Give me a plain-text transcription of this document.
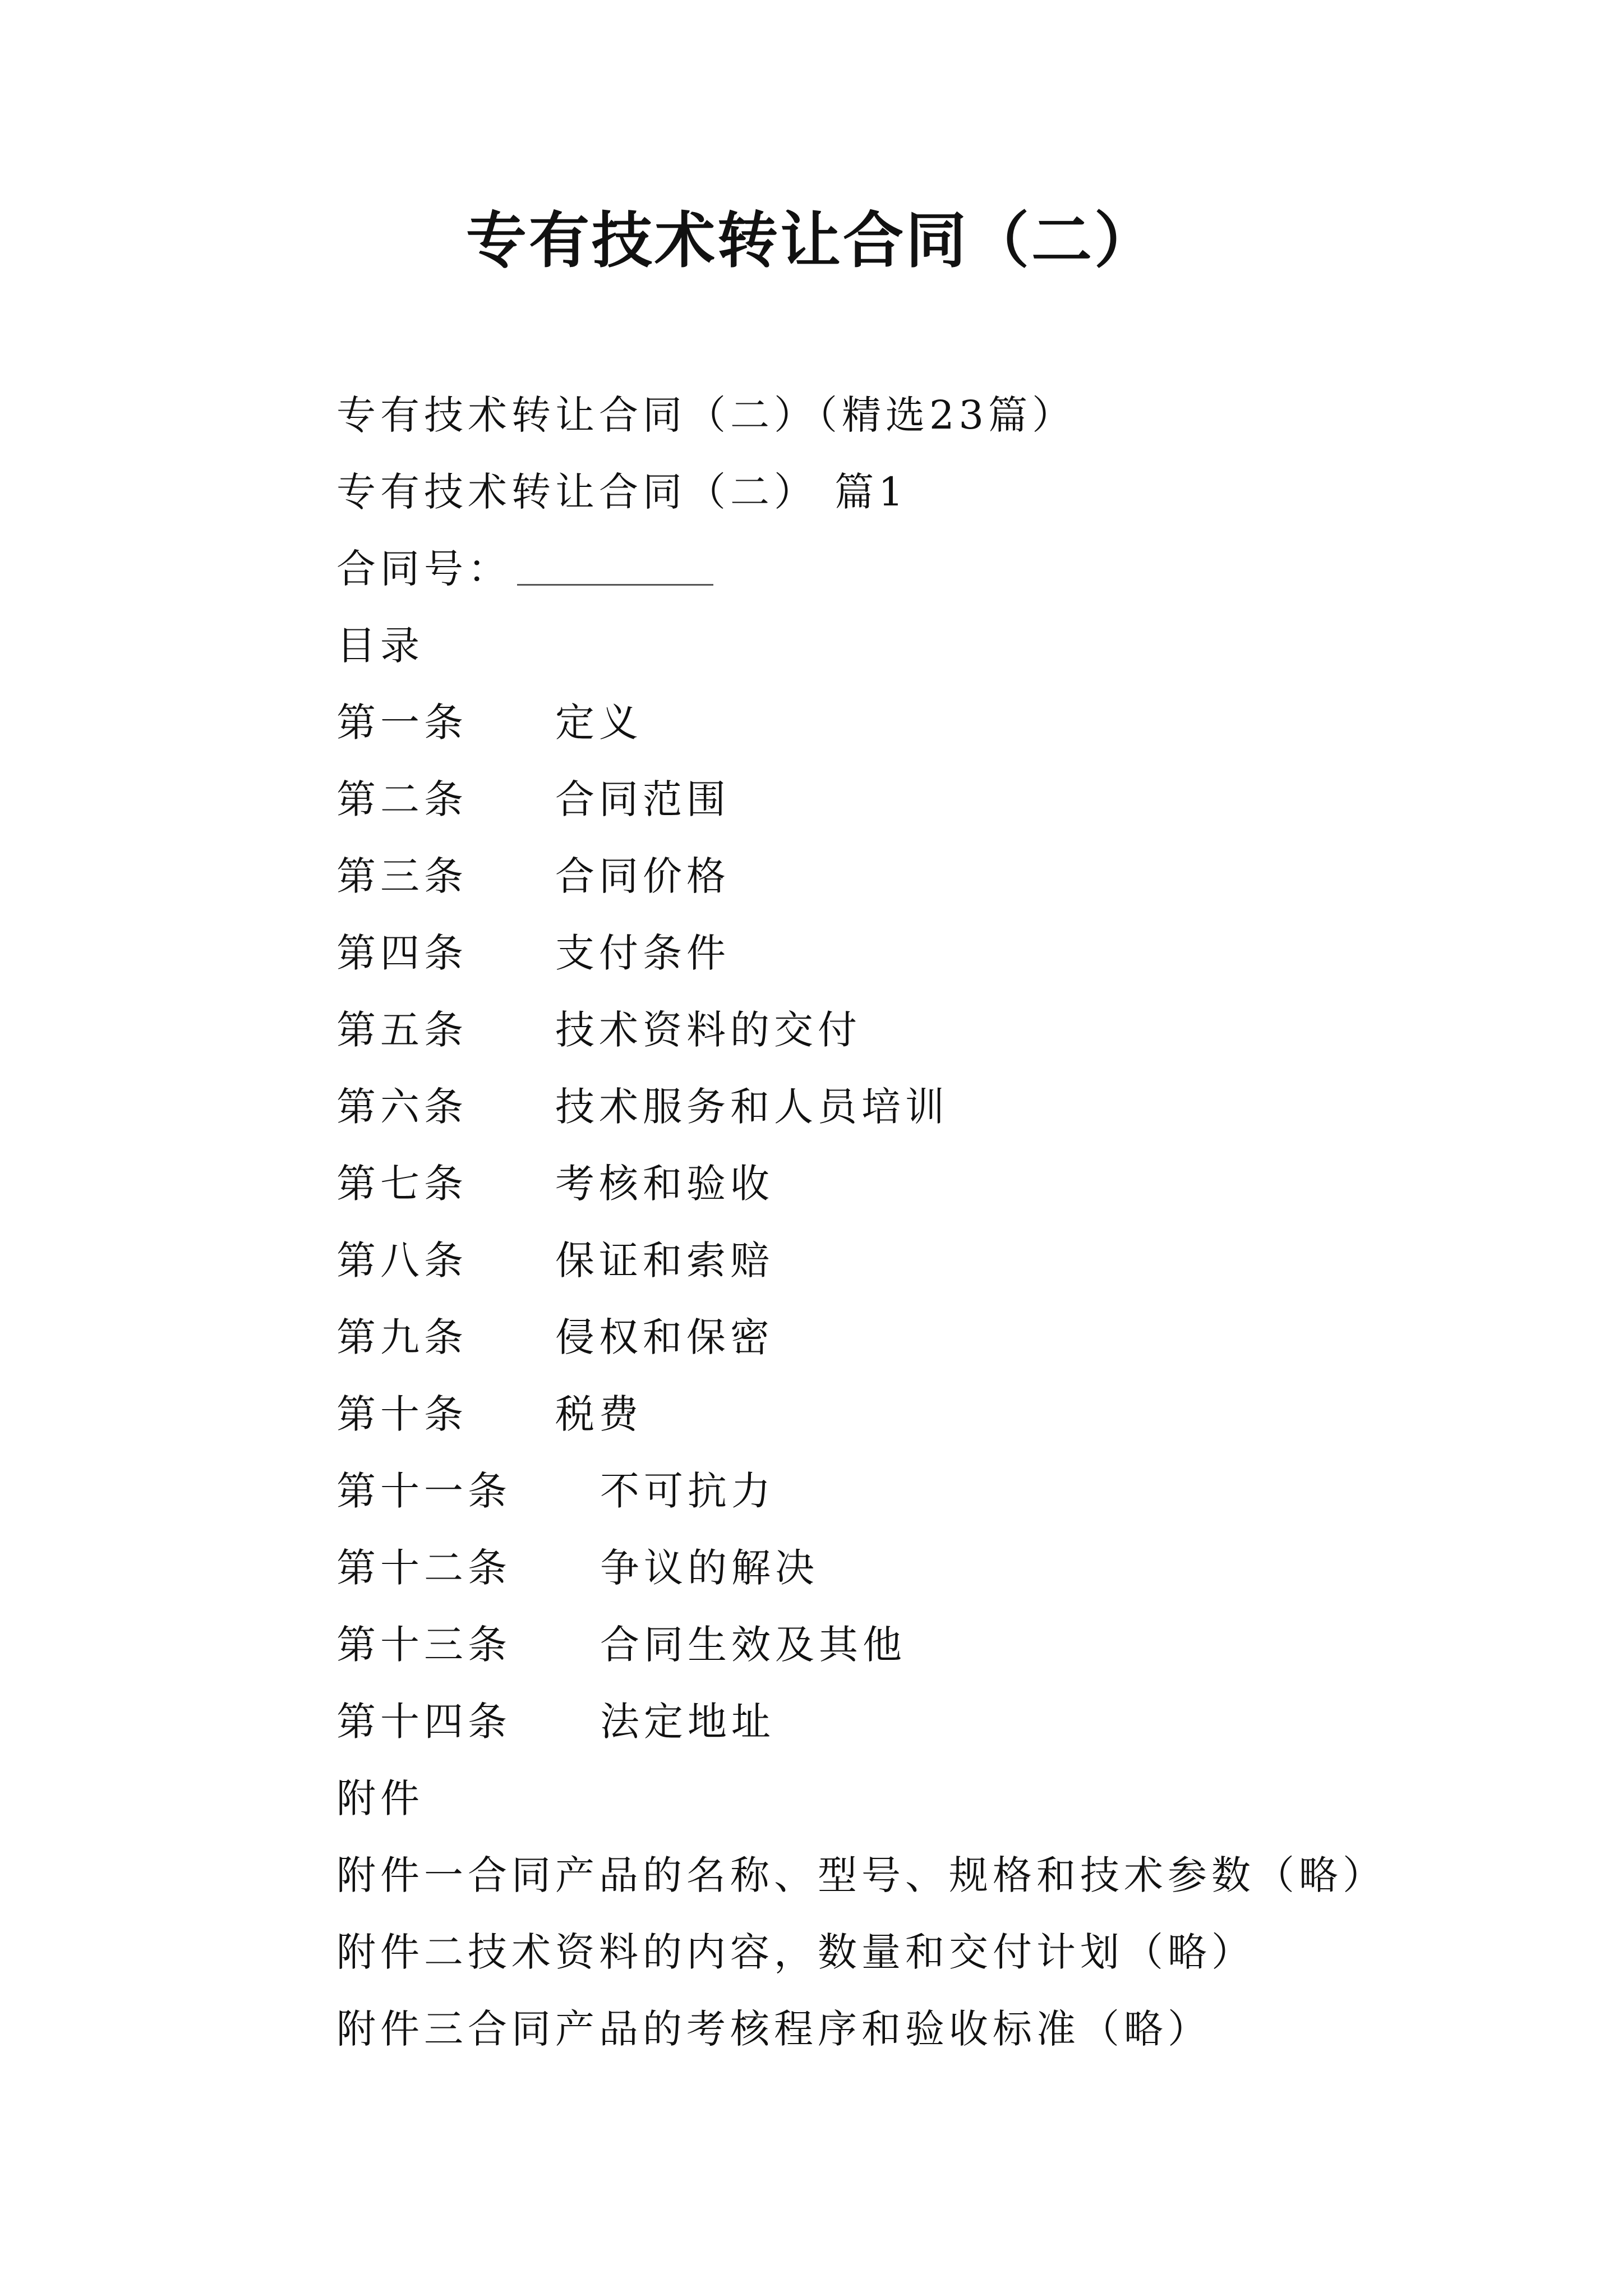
专有技术转让合同（二）

专有技术转让合同（二）（精选23篇）

专有技术转让合同（二） 篇1

合同号：

目录

第一条 定义

第二条 合同范围

第三条 合同价格

第四条 支付条件

第五条 技术资料的交付

第六条 技术服务和人员培训

第七条 考核和验收

第八条 保证和索赔

第九条 侵权和保密

第十条 税费

第十一条 不可抗力

第十二条 争议的解决

第十三条 合同生效及其他

第十四条 法定地址

附件

附件一合同产品的名称、型号、规格和技术参数（略）

附件二技术资料的内容，数量和交付计划（略）

附件三合同产品的考核程序和验收标准（略）
